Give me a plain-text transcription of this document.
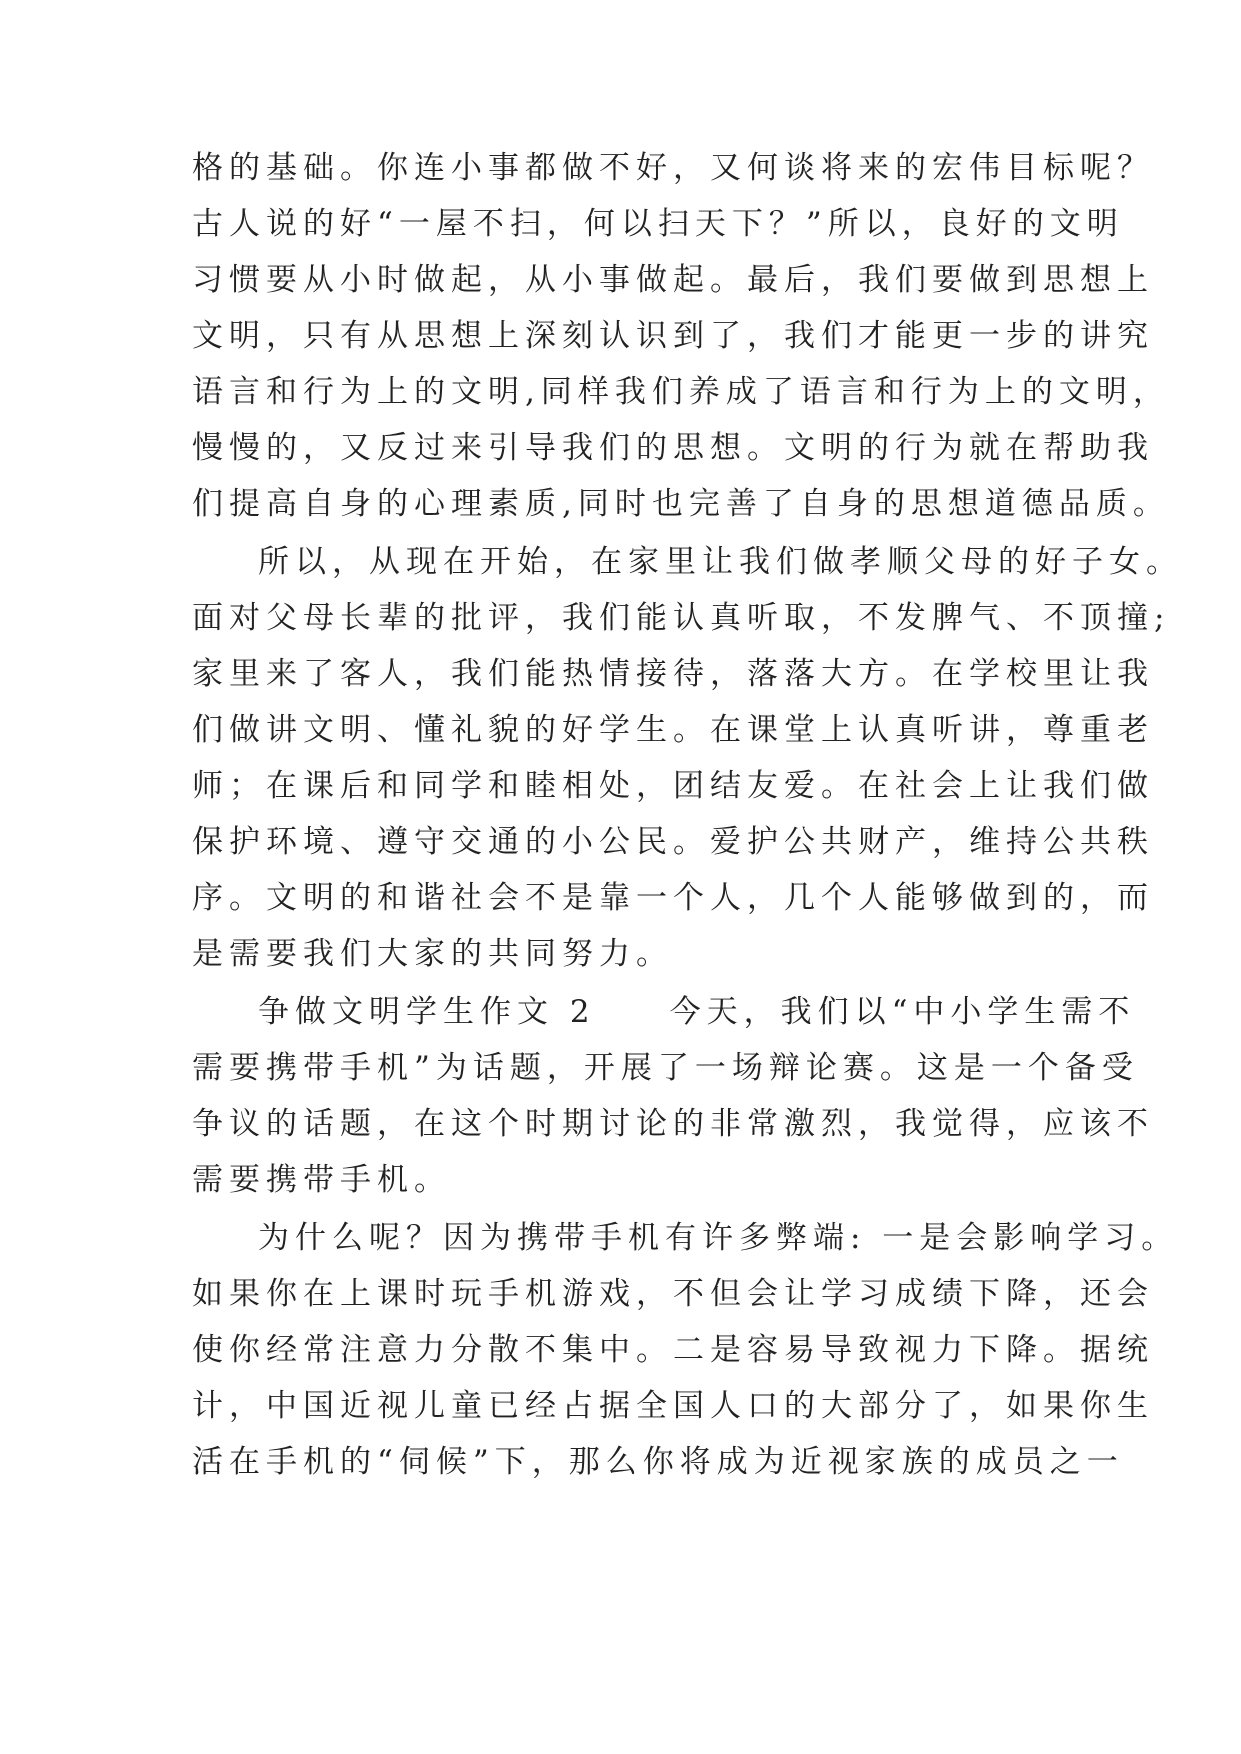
格的基础。你连小事都做不好，又何谈将来的宏伟目标呢？
古人说的好“一屋不扫，何以扫天下？”所以，良好的文明
习惯要从小时做起，从小事做起。最后，我们要做到思想上
文明，只有从思想上深刻认识到了，我们才能更一步的讲究
语言和行为上的文明,同样我们养成了语言和行为上的文明，
慢慢的，又反过来引导我们的思想。文明的行为就在帮助我
们提高自身的心理素质,同时也完善了自身的思想道德品质。
所以，从现在开始，在家里让我们做孝顺父母的好子女。
面对父母长辈的批评，我们能认真听取，不发脾气、不顶撞;
家里来了客人，我们能热情接待，落落大方。在学校里让我
们做讲文明、懂礼貌的好学生。在课堂上认真听讲，尊重老
师；在课后和同学和睦相处，团结友爱。在社会上让我们做
保护环境、遵守交通的小公民。爱护公共财产，维持公共秩
序。文明的和谐社会不是靠一个人，几个人能够做到的，而
是需要我们大家的共同努力。
争做文明学生作文 2　　今天，我们以“中小学生需不
需要携带手机”为话题，开展了一场辩论赛。这是一个备受
争议的话题，在这个时期讨论的非常激烈，我觉得，应该不
需要携带手机。
为什么呢？因为携带手机有许多弊端: 一是会影响学习。
如果你在上课时玩手机游戏，不但会让学习成绩下降，还会
使你经常注意力分散不集中。二是容易导致视力下降。据统
计，中国近视儿童已经占据全国人口的大部分了，如果你生
活在手机的“伺候”下，那么你将成为近视家族的成员之一
